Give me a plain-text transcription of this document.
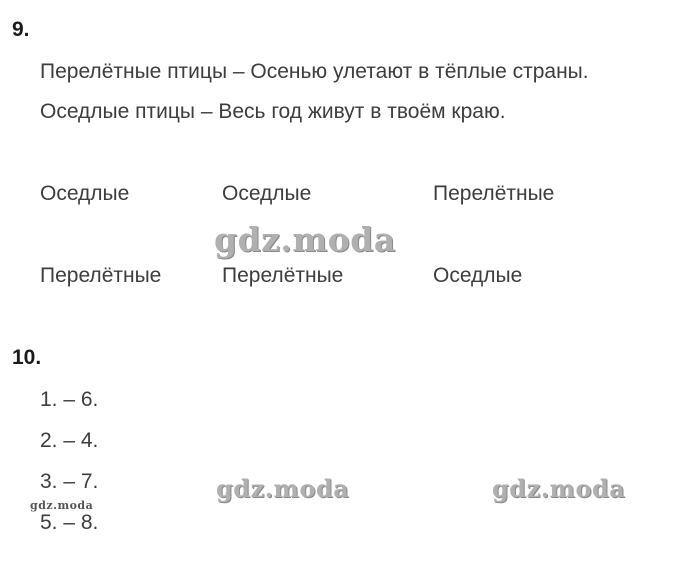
9.
Перелётные птицы – Осенью улетают в тёплые страны.
Оседлые птицы – Весь год живут в твоём краю.
Оседлые	Оседлые	Перелётные
Перелётные	Перелётные	Оседлые
10.
1. – 6.
2. – 4.
3. – 7.
5. – 8.
gdz.moda
gdz.moda	gdz.moda
gdz.moda
